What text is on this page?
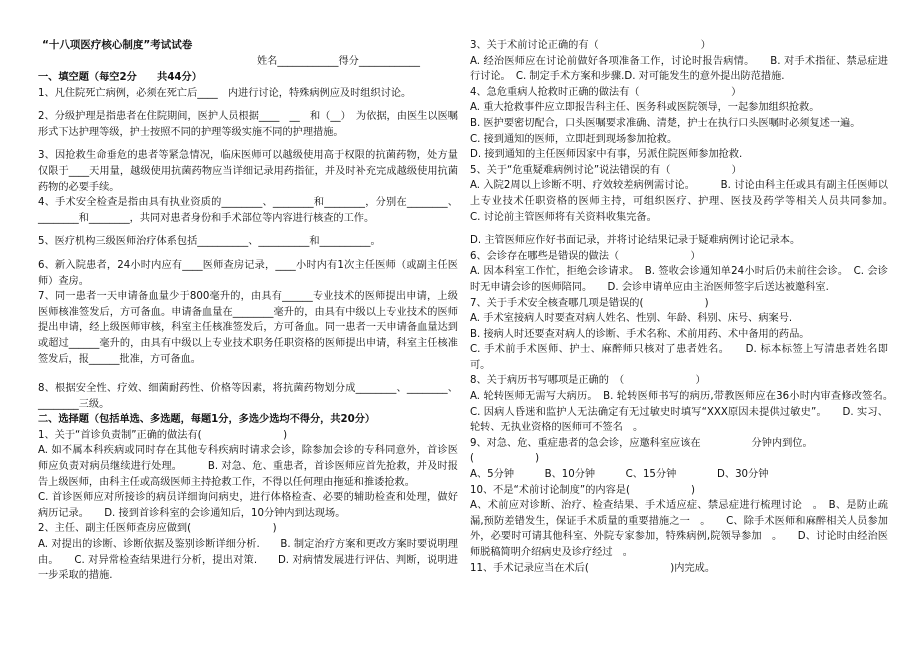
“十八项医疗核心制度”考试试卷
姓名____________得分____________

一、填空题（每空2分　　共44分）

1、凡住院死亡病例，必须在死亡后____　内进行讨论，特殊病例应及时组织讨论。

2、分级护理是指患者在住院期间，医护人员根据____　__　和（__）　为依据，由医生以医嘱形式下达护理等级，护士按照不同的护理等级实施不同的护理措施。

3、因抢救生命垂危的患者等紧急情况，临床医师可以越级使用高于权限的抗菌药物，处方量仅限于____天用量，越级使用抗菌药物应当详细记录用药指征，并及时补充完成越级使用抗菌药物的必要手续。

4、手术安全检查是指由具有执业资质的________、________和________，分别在________、________和________，共同对患者身份和手术部位等内容进行核查的工作。

5、医疗机构三级医师治疗体系包括__________、__________和__________。

6、新入院患者，24小时内应有____医师查房记录，____小时内有1次主任医师（或副主任医师）查房。

7、同一患者一天申请备血量少于800毫升的，由具有______专业技术的医师提出申请，上级医师核准签发后，方可备血。申请备血量在________毫升的，由具有中级以上专业技术的医师提出申请，经上级医师审核，科室主任核准签发后，方可备血。同一患者一天申请备血量达到或超过______毫升的，由具有中级以上专业技术职务任职资格的医师提出申请，科室主任核准签发后，报______批准，方可备血。

8、根据安全性、疗效、细菌耐药性、价格等因素，将抗菌药物划分成________、________、________三级。

二、选择题（包括单选、多选题，每题1分，多选少选均不得分，共20分）

1、关于“首诊负责制”正确的做法有(　　　　　　　　)

A. 如不属本科疾病或同时存在其他专科疾病时请求会诊，除参加会诊的专科同意外，首诊医师应负责对病员继续进行处理。　　　B. 对急、危、重患者，首诊医师应首先抢救，并及时报告上级医师，由科主任或高级医师主持抢救工作，不得以任何理由拖延和推诿抢救。

C. 首诊医师应对所接诊的病员详细询问病史，进行体格检查、必要的辅助检查和处理，做好病历记录。　　D. 接到首诊科室的会诊通知后，10分钟内到达现场。

2、主任、副主任医师查房应做到(　　　　　　　　)

A. 对提出的诊断、诊断依据及鉴别诊断详细分析.　　B. 制定治疗方案和更改方案时要说明理由。　　C. 对异常检查结果进行分析，提出对策.　　D. 对病情发展进行评估、判断，说明进一步采取的措施.

3、关于术前讨论正确的有（　　　　　　　　　　）

A. 经治医师应在讨论前做好各项准备工作，讨论时报告病情。　　B. 对手术指征、禁忌症进行讨论。　C. 制定手术方案和步骤.D. 对可能发生的意外提出防范措施.

4、急危重病人抢救时正确的做法有（　　　　　　　　　）

A. 重大抢救事件应立即报告科主任、医务科或医院领导，一起参加组织抢救。

B. 医护要密切配合，口头医嘱要求准确、清楚，护士在执行口头医嘱时必须复述一遍。

C. 接到通知的医师，立即赶到现场参加抢救。

D. 接到通知的主任医师因家中有事，另派住院医师参加抢救.

5、关于“危重疑难病例讨论”说法错误的有（　　　　　　）

A. 入院2周以上诊断不明、疗效较差病例需讨论。　　　B. 讨论由科主任或具有副主任医师以上专业技术任职资格的医师主持，可组织医疗、护理、医技及药学等相关人员共同参加。　　C. 讨论前主管医师将有关资料收集完备。

D. 主管医师应作好书面记录，并将讨论结果记录于疑难病例讨论记录本。

6、会诊存在哪些是错误的做法（　　　　　　　）

A. 因本科室工作忙，拒绝会诊请求。　B. 签收会诊通知单24小时后仍未前往会诊。　C. 会诊时无申请会诊的医师陪同。　　D. 会诊申请单应由主治医师签字后送达被邀科室.

7、关于手术安全核查哪几项是错误的(　　　　　　)

A. 手术室接病人时要查对病人姓名、性别、年龄、科别、床号、病案号.

B. 接病人时还要查对病人的诊断、手术名称、术前用药、术中备用的药品。

C. 手术前手术医师、护士、麻醉师只核对了患者姓名。　　D. 标本标签上写清患者姓名即可。

8、关于病历书写哪项是正确的　（　　　　　　　）

A. 轮转医师无需写大病历。　B. 轮转医师书写的病历,带教医师应在36小时内审查修改签名。　C. 因病人昏迷和监护人无法确定有无过敏史时填写“XXX原因未提供过敏史”。　　D. 实习、轮转、无执业资格的医师可不签名　。

9、对急、危、重症患者的急会诊，应邀科室应该在　　　　　分钟内到位。

(　　　　　　)

A、5分钟　　　B、10分钟　　　C、15分钟　　　　D、30分钟

10、不是“术前讨论制度”的内容是(　　　　　　)

A、术前应对诊断、治疗、检查结果、手术适应症、禁忌症进行梳理讨论　。　B、是防止疏漏,预防差错发生，保证手术质量的重要措施之一　。　　C、除手术医师和麻醉相关人员参加外，必要时可请其他科室、外院专家参加，特殊病例,院领导参加　。　　D、讨论时由经治医师脱稿简明介绍病史及诊疗经过　。

11、手术记录应当在术后(　　　　　　　　)内完成。
